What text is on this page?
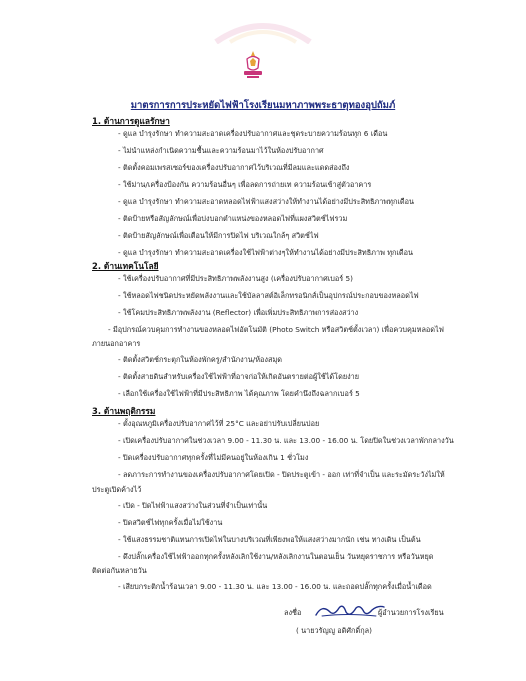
มาตรการการประหยัดไฟฟ้าโรงเรียนมหาภาพพระธาตุทองอุปถัมภ์
1. ด้านการดูแลรักษา
- ดูแล บำรุงรักษา ทำความสะอาดเครื่องปรับอากาศและชุดระบายความร้อนทุก 6 เดือน
- ไม่นำแหล่งกำเนิดความชื้นและความร้อนมาไว้ในห้องปรับอากาศ
- ติดตั้งคอมเพรสเซอร์ของเครื่องปรับอากาศไว้บริเวณที่มีลมและแดดส่องถึง
- ใช้ม่าน/เครื่องป้องกัน ความร้อนอื่นๆ เพื่อลดการถ่ายเท ความร้อนเข้าสู่ตัวอาคาร
- ดูแล บำรุงรักษา ทำความสะอาดหลอดไฟฟ้าแสงสว่างให้ทำงานได้อย่างมีประสิทธิภาพทุกเดือน
- ติดป้ายหรือสัญลักษณ์เพื่อบ่งบอกตำแหน่งของหลอดไฟที่แผงสวิตช์ไฟรวม
- ติดป้ายสัญลักษณ์เพื่อเตือนให้มีการปิดไฟ บริเวณใกล้ๆ สวิตช์ไฟ
- ดูแล บำรุงรักษา ทำความสะอาดเครื่องใช้ไฟฟ้าต่างๆให้ทำงานได้อย่างมีประสิทธิภาพ ทุกเดือน
2. ด้านเทคโนโลยี
- ใช้เครื่องปรับอากาศที่มีประสิทธิภาพพลังงานสูง (เครื่องปรับอากาศเบอร์ 5)
- ใช้หลอดไฟชนิดประหยัดพลังงานและใช้บัลลาสต์อิเล็กทรอนิกส์เป็นอุปกรณ์ประกอบของหลอดไฟ
- ใช้โคมประสิทธิภาพพลังงาน (Reflector) เพื่อเพิ่มประสิทธิภาพการส่องสว่าง
- มีอุปกรณ์ควบคุมการทำงานของหลอดไฟอัตโนมัติ (Photo Switch หรือสวิตช์ตั้งเวลา) เพื่อควบคุมหลอดไฟ
ภายนอกอาคาร
- ติดตั้งสวิตช์กระตุกในห้องพักครู/สำนักงาน/ห้องสมุด
- ติดตั้งสายดินสำหรับเครื่องใช้ไฟฟ้าที่อาจก่อให้เกิดอันตรายต่อผู้ใช้ได้โดยง่าย
- เลือกใช้เครื่องใช้ไฟฟ้าที่มีประสิทธิภาพ ได้คุณภาพ โดยคำนึงถึงฉลากเบอร์ 5
3. ด้านพฤติกรรม
- ตั้งอุณหภูมิเครื่องปรับอากาศไว้ที่ 25°C และอย่าปรับเปลี่ยนบ่อย
- เปิดเครื่องปรับอากาศในช่วงเวลา 9.00 - 11.30 น. และ 13.00 - 16.00 น. โดยปิดในช่วงเวลาพักกลางวัน
- ปิดเครื่องปรับอากาศทุกครั้งที่ไม่มีคนอยู่ในห้องเกิน 1 ชั่วโมง
- ลดภาระการทำงานของเครื่องปรับอากาศโดยเปิด - ปิดประตูเข้า - ออก เท่าที่จำเป็น และระมัดระวังไม่ให้
ประตูเปิดค้างไว้
- เปิด - ปิดไฟฟ้าแสงสว่างในส่วนที่จำเป็นเท่านั้น
- ปิดสวิตช์ไฟทุกครั้งเมื่อไม่ใช้งาน
- ใช้แสงธรรมชาติแทนการเปิดไฟในบางบริเวณที่เพียงพอให้แสงสว่างมากนัก เช่น ทางเดิน เป็นต้น
- ดึงปลั๊กเครื่องใช้ไฟฟ้าออกทุกครั้งหลังเลิกใช้งาน/หลังเลิกงานในตอนเย็น วันหยุดราชการ หรือวันหยุด
ติดต่อกันหลายวัน
- เสียบกระติกน้ำร้อนเวลา 9.00 - 11.30 น. และ 13.00 - 16.00 น. และถอดปลั๊กทุกครั้งเมื่อน้ำเดือด
ลงชื่อ	ผู้อำนวยการโรงเรียน
( นายวรัญญู อดิศักดิ์กุล)
